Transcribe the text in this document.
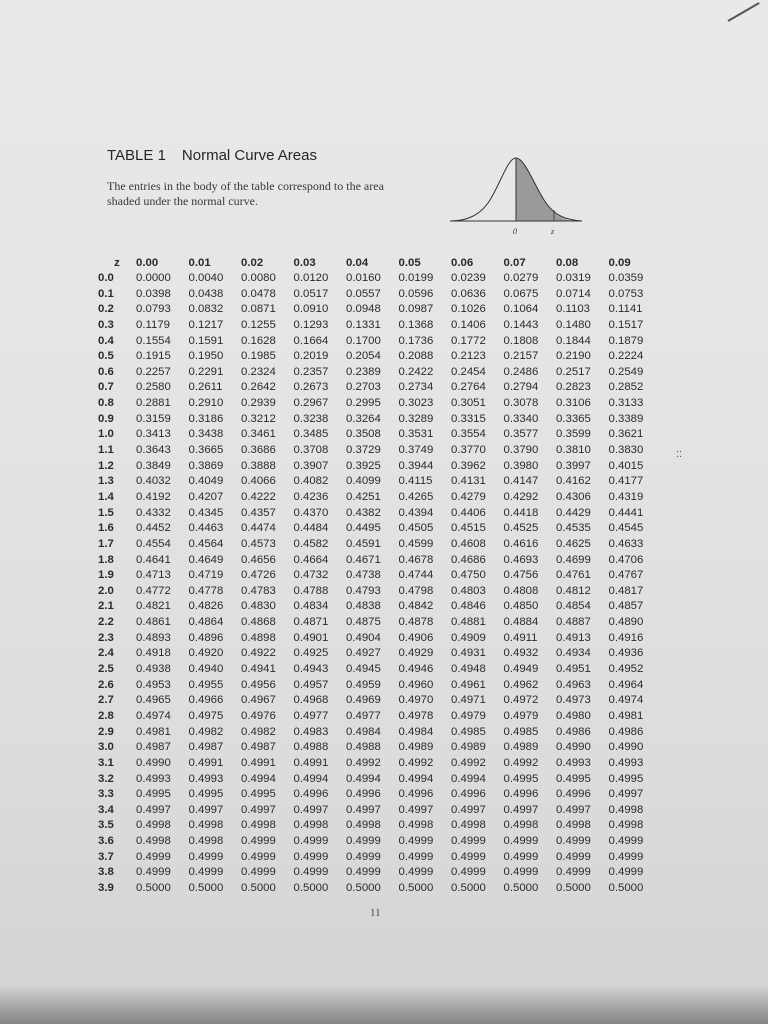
TABLE 1 Normal Curve Areas
The entries in the body of the table correspond to the area shaded under the normal curve.
0	z
z	0.00	0.01	0.02	0.03	0.04	0.05	0.06	0.07	0.08	0.09
0.0	0.0000	0.0040	0.0080	0.0120	0.0160	0.0199	0.0239	0.0279	0.0319	0.0359
0.1	0.0398	0.0438	0.0478	0.0517	0.0557	0.0596	0.0636	0.0675	0.0714	0.0753
0.2	0.0793	0.0832	0.0871	0.0910	0.0948	0.0987	0.1026	0.1064	0.1103	0.1141
0.3	0.1179	0.1217	0.1255	0.1293	0.1331	0.1368	0.1406	0.1443	0.1480	0.1517
0.4	0.1554	0.1591	0.1628	0.1664	0.1700	0.1736	0.1772	0.1808	0.1844	0.1879
0.5	0.1915	0.1950	0.1985	0.2019	0.2054	0.2088	0.2123	0.2157	0.2190	0.2224
0.6	0.2257	0.2291	0.2324	0.2357	0.2389	0.2422	0.2454	0.2486	0.2517	0.2549
0.7	0.2580	0.2611	0.2642	0.2673	0.2703	0.2734	0.2764	0.2794	0.2823	0.2852
0.8	0.2881	0.2910	0.2939	0.2967	0.2995	0.3023	0.3051	0.3078	0.3106	0.3133
0.9	0.3159	0.3186	0.3212	0.3238	0.3264	0.3289	0.3315	0.3340	0.3365	0.3389
1.0	0.3413	0.3438	0.3461	0.3485	0.3508	0.3531	0.3554	0.3577	0.3599	0.3621
1.1	0.3643	0.3665	0.3686	0.3708	0.3729	0.3749	0.3770	0.3790	0.3810	0.3830
1.2	0.3849	0.3869	0.3888	0.3907	0.3925	0.3944	0.3962	0.3980	0.3997	0.4015
1.3	0.4032	0.4049	0.4066	0.4082	0.4099	0.4115	0.4131	0.4147	0.4162	0.4177
1.4	0.4192	0.4207	0.4222	0.4236	0.4251	0.4265	0.4279	0.4292	0.4306	0.4319
1.5	0.4332	0.4345	0.4357	0.4370	0.4382	0.4394	0.4406	0.4418	0.4429	0.4441
1.6	0.4452	0.4463	0.4474	0.4484	0.4495	0.4505	0.4515	0.4525	0.4535	0.4545
1.7	0.4554	0.4564	0.4573	0.4582	0.4591	0.4599	0.4608	0.4616	0.4625	0.4633
1.8	0.4641	0.4649	0.4656	0.4664	0.4671	0.4678	0.4686	0.4693	0.4699	0.4706
1.9	0.4713	0.4719	0.4726	0.4732	0.4738	0.4744	0.4750	0.4756	0.4761	0.4767
2.0	0.4772	0.4778	0.4783	0.4788	0.4793	0.4798	0.4803	0.4808	0.4812	0.4817
2.1	0.4821	0.4826	0.4830	0.4834	0.4838	0.4842	0.4846	0.4850	0.4854	0.4857
2.2	0.4861	0.4864	0.4868	0.4871	0.4875	0.4878	0.4881	0.4884	0.4887	0.4890
2.3	0.4893	0.4896	0.4898	0.4901	0.4904	0.4906	0.4909	0.4911	0.4913	0.4916
2.4	0.4918	0.4920	0.4922	0.4925	0.4927	0.4929	0.4931	0.4932	0.4934	0.4936
2.5	0.4938	0.4940	0.4941	0.4943	0.4945	0.4946	0.4948	0.4949	0.4951	0.4952
2.6	0.4953	0.4955	0.4956	0.4957	0.4959	0.4960	0.4961	0.4962	0.4963	0.4964
2.7	0.4965	0.4966	0.4967	0.4968	0.4969	0.4970	0.4971	0.4972	0.4973	0.4974
2.8	0.4974	0.4975	0.4976	0.4977	0.4977	0.4978	0.4979	0.4979	0.4980	0.4981
2.9	0.4981	0.4982	0.4982	0.4983	0.4984	0.4984	0.4985	0.4985	0.4986	0.4986
3.0	0.4987	0.4987	0.4987	0.4988	0.4988	0.4989	0.4989	0.4989	0.4990	0.4990
3.1	0.4990	0.4991	0.4991	0.4991	0.4992	0.4992	0.4992	0.4992	0.4993	0.4993
3.2	0.4993	0.4993	0.4994	0.4994	0.4994	0.4994	0.4994	0.4995	0.4995	0.4995
3.3	0.4995	0.4995	0.4995	0.4996	0.4996	0.4996	0.4996	0.4996	0.4996	0.4997
3.4	0.4997	0.4997	0.4997	0.4997	0.4997	0.4997	0.4997	0.4997	0.4997	0.4998
3.5	0.4998	0.4998	0.4998	0.4998	0.4998	0.4998	0.4998	0.4998	0.4998	0.4998
3.6	0.4998	0.4998	0.4999	0.4999	0.4999	0.4999	0.4999	0.4999	0.4999	0.4999
3.7	0.4999	0.4999	0.4999	0.4999	0.4999	0.4999	0.4999	0.4999	0.4999	0.4999
3.8	0.4999	0.4999	0.4999	0.4999	0.4999	0.4999	0.4999	0.4999	0.4999	0.4999
3.9	0.5000	0.5000	0.5000	0.5000	0.5000	0.5000	0.5000	0.5000	0.5000	0.5000
::
11
